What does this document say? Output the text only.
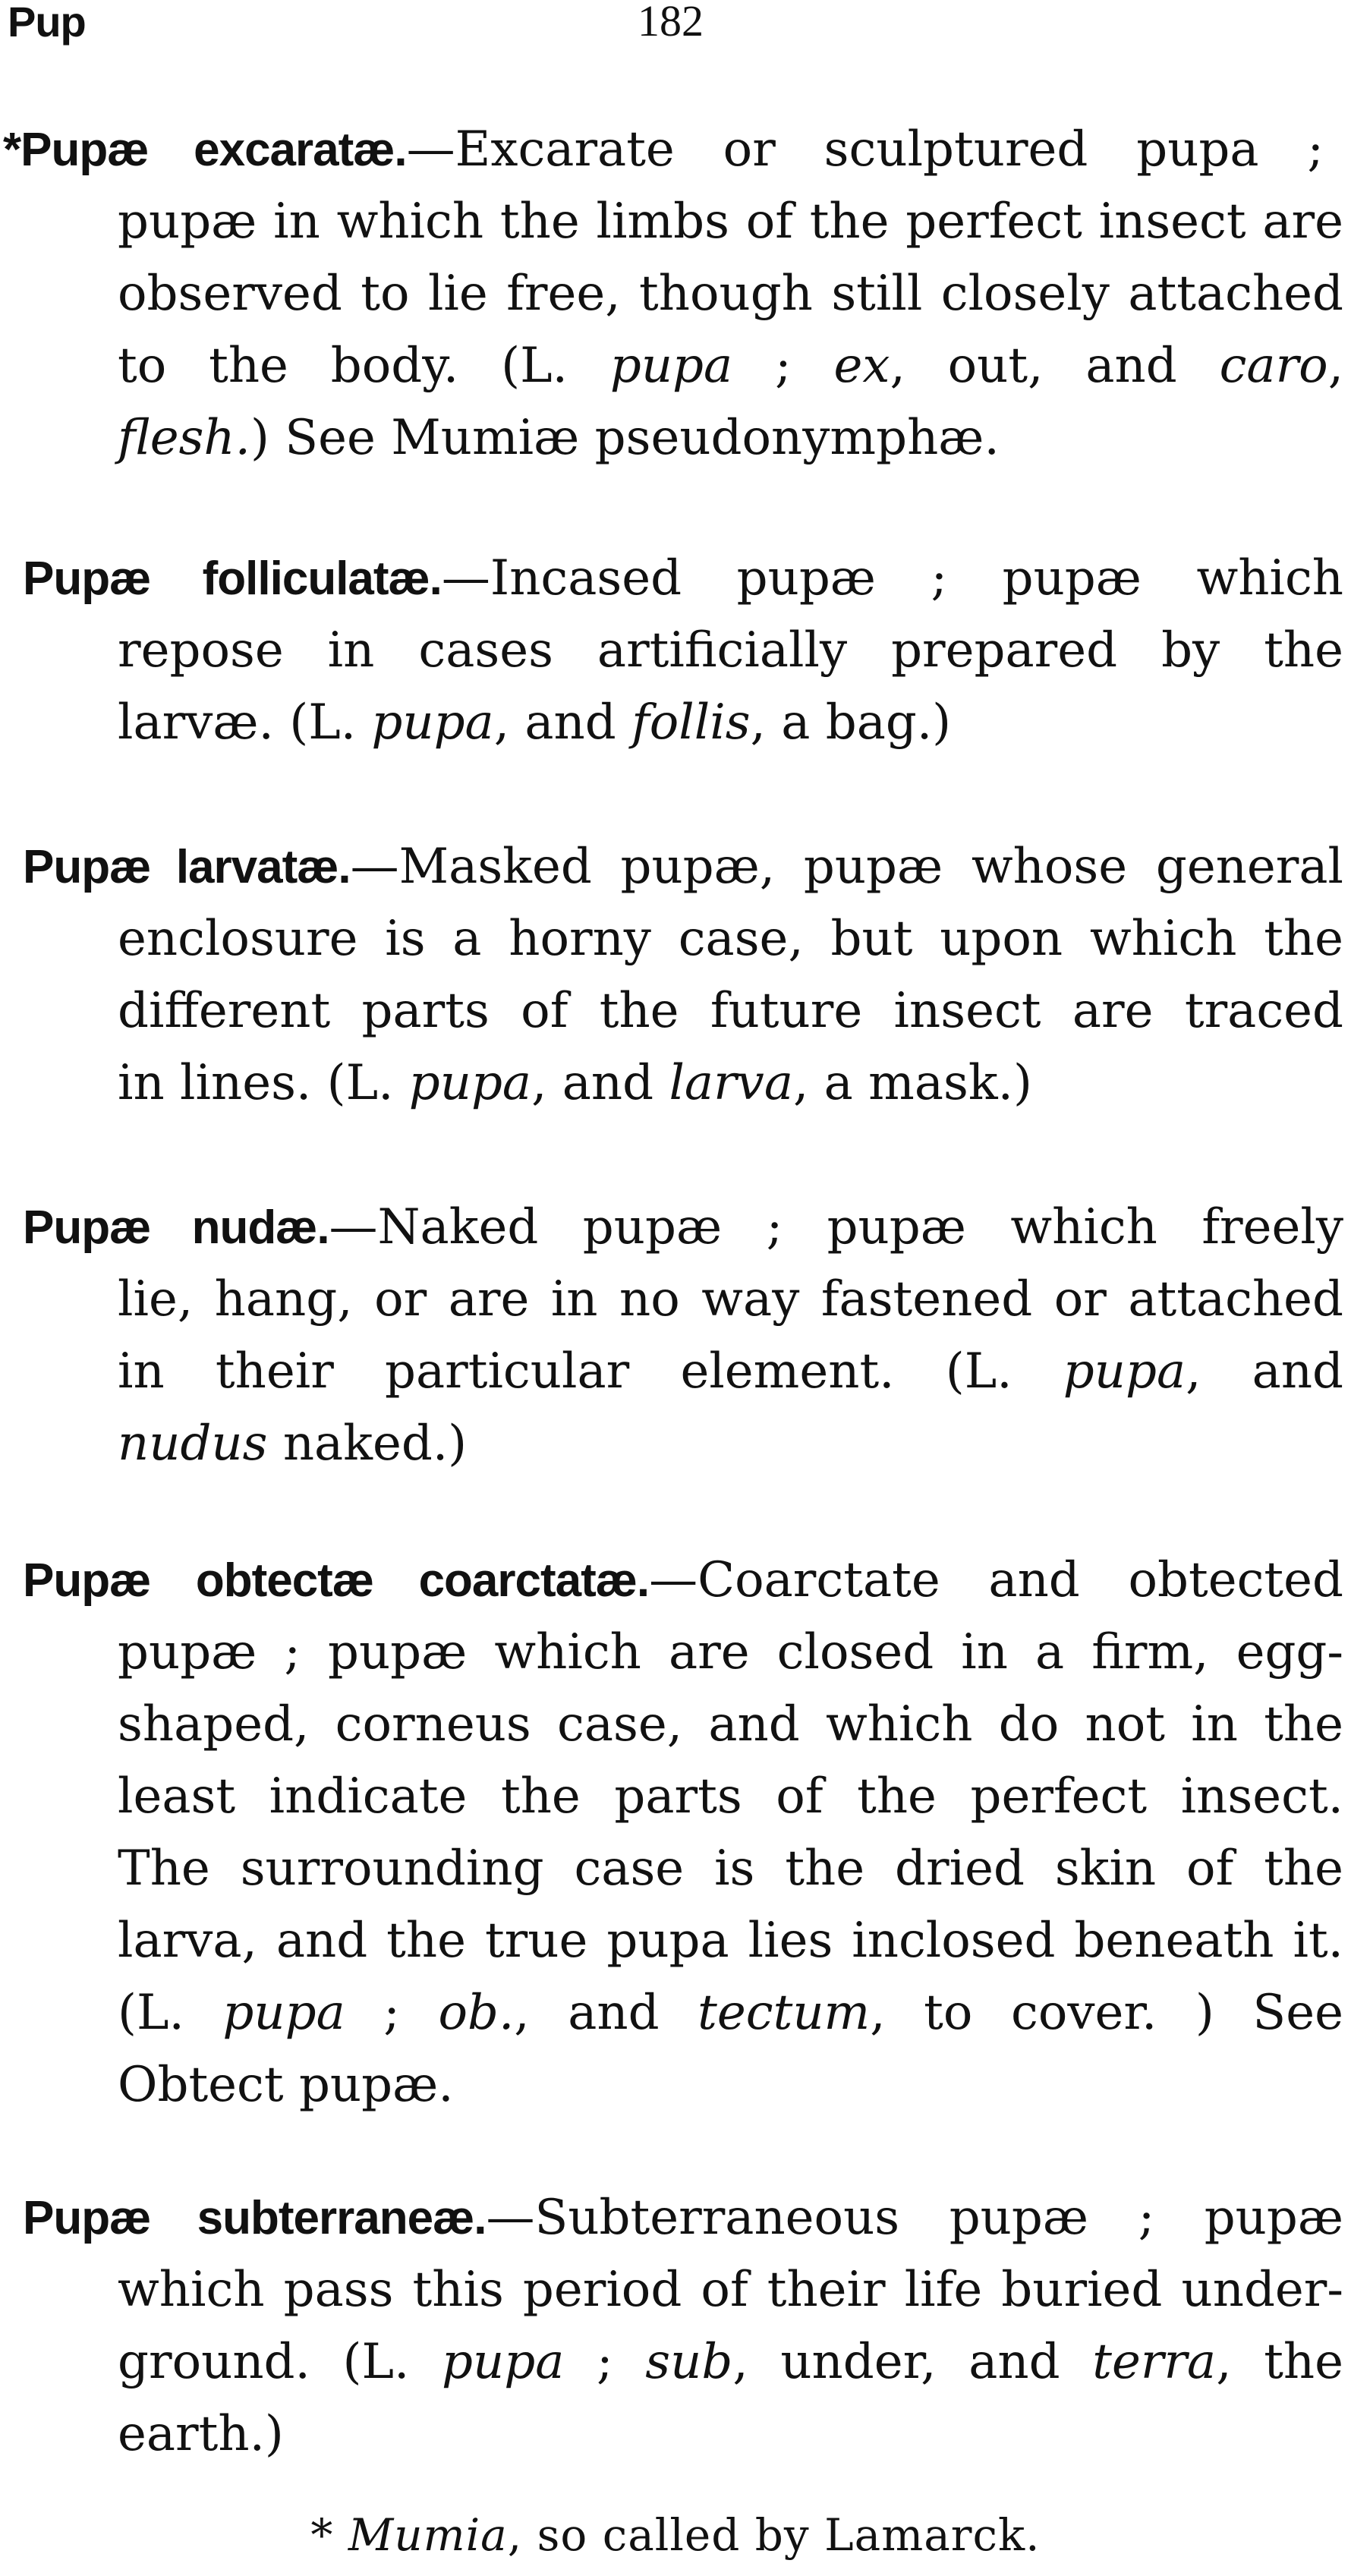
Pup	182
*Pupæ excaratæ.—Excarate or sculptured pupa ;
pupæ in which the limbs of the perfect insect are
observed to lie free, though still closely attached
to the body. (L. pupa ; ex, out, and caro,
flesh.) See Mumiæ pseudonymphæ.
Pupæ folliculatæ.—Incased pupæ ; pupæ which
repose in cases artificially prepared by the
larvæ. (L. pupa, and follis, a bag.)
Pupæ larvatæ.—Masked pupæ, pupæ whose general
enclosure is a horny case, but upon which the
different parts of the future insect are traced
in lines. (L. pupa, and larva, a mask.)
Pupæ nudæ.—Naked pupæ ; pupæ which freely
lie, hang, or are in no way fastened or attached
in their particular element. (L. pupa, and
nudus naked.)
Pupæ obtectæ coarctatæ.—Coarctate and obtected
pupæ ; pupæ which are closed in a firm, egg-
shaped, corneus case, and which do not in the
least indicate the parts of the perfect insect.
The surrounding case is the dried skin of the
larva, and the true pupa lies inclosed beneath it.
(L. pupa ; ob., and tectum, to cover. ) See
Obtect pupæ.
Pupæ subterraneæ.—Subterraneous pupæ ; pupæ
which pass this period of their life buried under-
ground. (L. pupa ; sub, under, and terra, the
earth.)
* Mumia, so called by Lamarck.
